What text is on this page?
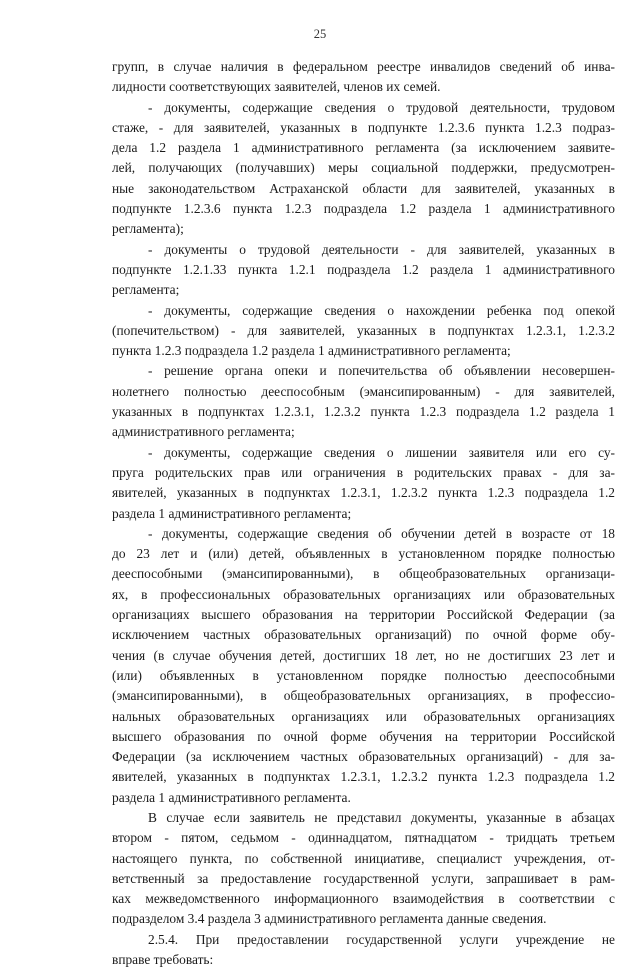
25
групп, в случае наличия в федеральном реестре инвалидов сведений об инва-
лидности соответствующих заявителей, членов их семей.
- документы, содержащие сведения о трудовой деятельности, трудовом
стаже, - для заявителей, указанных в подпункте 1.2.3.6 пункта 1.2.3 подраз-
дела 1.2 раздела 1 административного регламента (за исключением заявите-
лей, получающих (получавших) меры социальной поддержки, предусмотрен-
ные законодательством Астраханской области для заявителей, указанных в
подпункте 1.2.3.6 пункта 1.2.3 подраздела 1.2 раздела 1 административного
регламента);
- документы о трудовой деятельности - для заявителей, указанных в
подпункте 1.2.1.33 пункта 1.2.1 подраздела 1.2 раздела 1 административного
регламента;
- документы, содержащие сведения о нахождении ребенка под опекой
(попечительством) - для заявителей, указанных в подпунктах 1.2.3.1, 1.2.3.2
пункта 1.2.3 подраздела 1.2 раздела 1 административного регламента;
- решение органа опеки и попечительства об объявлении несовершен-
нолетнего полностью дееспособным (эмансипированным) - для заявителей,
указанных в подпунктах 1.2.3.1, 1.2.3.2 пункта 1.2.3 подраздела 1.2 раздела 1
административного регламента;
- документы, содержащие сведения о лишении заявителя или его су-
пруга родительских прав или ограничения в родительских правах - для за-
явителей, указанных в подпунктах 1.2.3.1, 1.2.3.2 пункта 1.2.3 подраздела 1.2
раздела 1 административного регламента;
- документы, содержащие сведения об обучении детей в возрасте от 18
до 23 лет и (или) детей, объявленных в установленном порядке полностью
дееспособными (эмансипированными), в общеобразовательных организаци-
ях, в профессиональных образовательных организациях или образовательных
организациях высшего образования на территории Российской Федерации (за
исключением частных образовательных организаций) по очной форме обу-
чения (в случае обучения детей, достигших 18 лет, но не достигших 23 лет и
(или) объявленных в установленном порядке полностью дееспособными
(эмансипированными), в общеобразовательных организациях, в профессио-
нальных образовательных организациях или образовательных организациях
высшего образования по очной форме обучения на территории Российской
Федерации (за исключением частных образовательных организаций) - для за-
явителей, указанных в подпунктах 1.2.3.1, 1.2.3.2 пункта 1.2.3 подраздела 1.2
раздела 1 административного регламента.
В случае если заявитель не представил документы, указанные в абзацах
втором - пятом, седьмом - одиннадцатом, пятнадцатом - тридцать третьем
настоящего пункта, по собственной инициативе, специалист учреждения, от-
ветственный за предоставление государственной услуги, запрашивает в рам-
ках межведомственного информационного взаимодействия в соответствии с
подразделом 3.4 раздела 3 административного регламента данные сведения.
2.5.4. При предоставлении государственной услуги учреждение не
вправе требовать:
